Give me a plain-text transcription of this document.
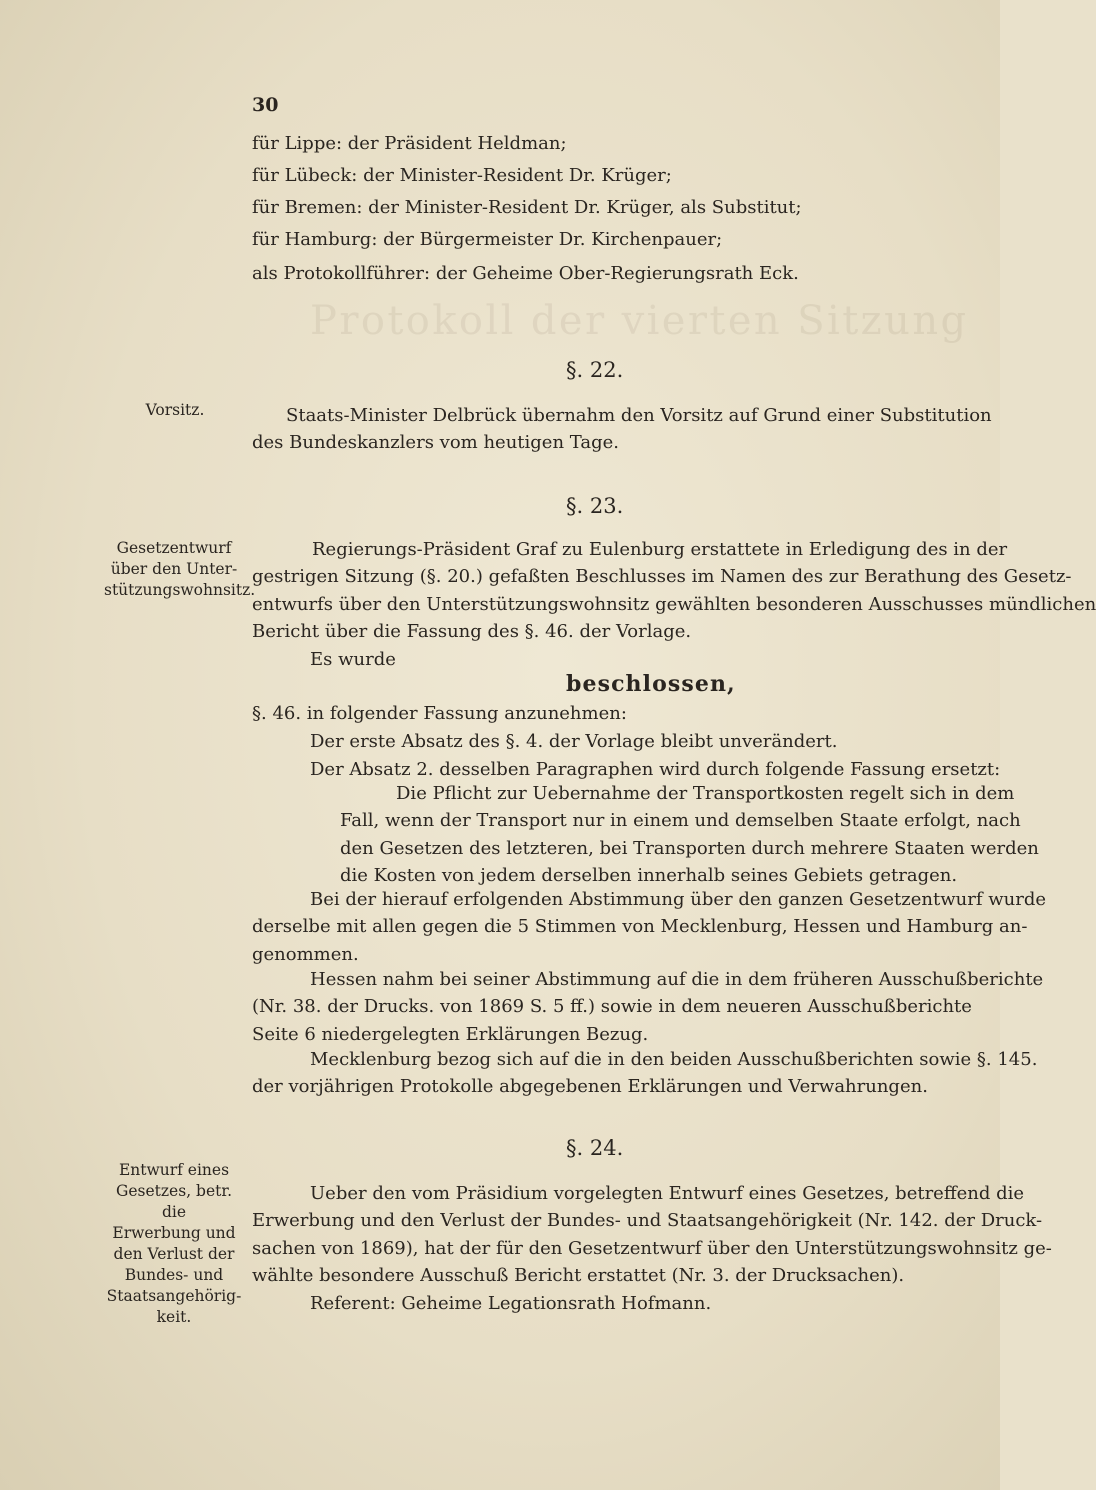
Protokoll der vierten Sitzung
30
für Lippe: der Präsident Heldman;
für Lübeck: der Minister-Resident Dr. Krüger;
für Bremen: der Minister-Resident Dr. Krüger, als Substitut;
für Hamburg: der Bürgermeister Dr. Kirchenpauer;
als Protokollführer: der Geheime Ober-Regierungsrath Eck.
§. 22.
Vorsitz.	Staats-Minister Delbrück übernahm den Vorsitz auf Grund einer Substitution
des Bundeskanzlers vom heutigen Tage.
§. 23.
Gesetzentwurf
über den Unter-
stützungswohnsitz.
Regierungs-Präsident Graf zu Eulenburg erstattete in Erledigung des in der
gestrigen Sitzung (§. 20.) gefaßten Beschlusses im Namen des zur Berathung des Gesetz-
entwurfs über den Unterstützungswohnsitz gewählten besonderen Ausschusses mündlichen
Bericht über die Fassung des §. 46. der Vorlage.
Es wurde
beschlossen,
§. 46. in folgender Fassung anzunehmen:
Der erste Absatz des §. 4. der Vorlage bleibt unverändert.
Der Absatz 2. desselben Paragraphen wird durch folgende Fassung ersetzt:
Die Pflicht zur Uebernahme der Transportkosten regelt sich in dem
Fall, wenn der Transport nur in einem und demselben Staate erfolgt, nach
den Gesetzen des letzteren, bei Transporten durch mehrere Staaten werden
die Kosten von jedem derselben innerhalb seines Gebiets getragen.
Bei der hierauf erfolgenden Abstimmung über den ganzen Gesetzentwurf wurde
derselbe mit allen gegen die 5 Stimmen von Mecklenburg, Hessen und Hamburg an-
genommen.
Hessen nahm bei seiner Abstimmung auf die in dem früheren Ausschußberichte
(Nr. 38. der Drucks. von 1869 S. 5 ff.) sowie in dem neueren Ausschußberichte
Seite 6 niedergelegten Erklärungen Bezug.
Mecklenburg bezog sich auf die in den beiden Ausschußberichten sowie §. 145.
der vorjährigen Protokolle abgegebenen Erklärungen und Verwahrungen.
§. 24.
Entwurf eines
Gesetzes, betr. die
Erwerbung und
den Verlust der
Bundes- und
Staatsangehörig-
keit.
Ueber den vom Präsidium vorgelegten Entwurf eines Gesetzes, betreffend die
Erwerbung und den Verlust der Bundes- und Staatsangehörigkeit (Nr. 142. der Druck-
sachen von 1869), hat der für den Gesetzentwurf über den Unterstützungswohnsitz ge-
wählte besondere Ausschuß Bericht erstattet (Nr. 3. der Drucksachen).
Referent: Geheime Legationsrath Hofmann.
